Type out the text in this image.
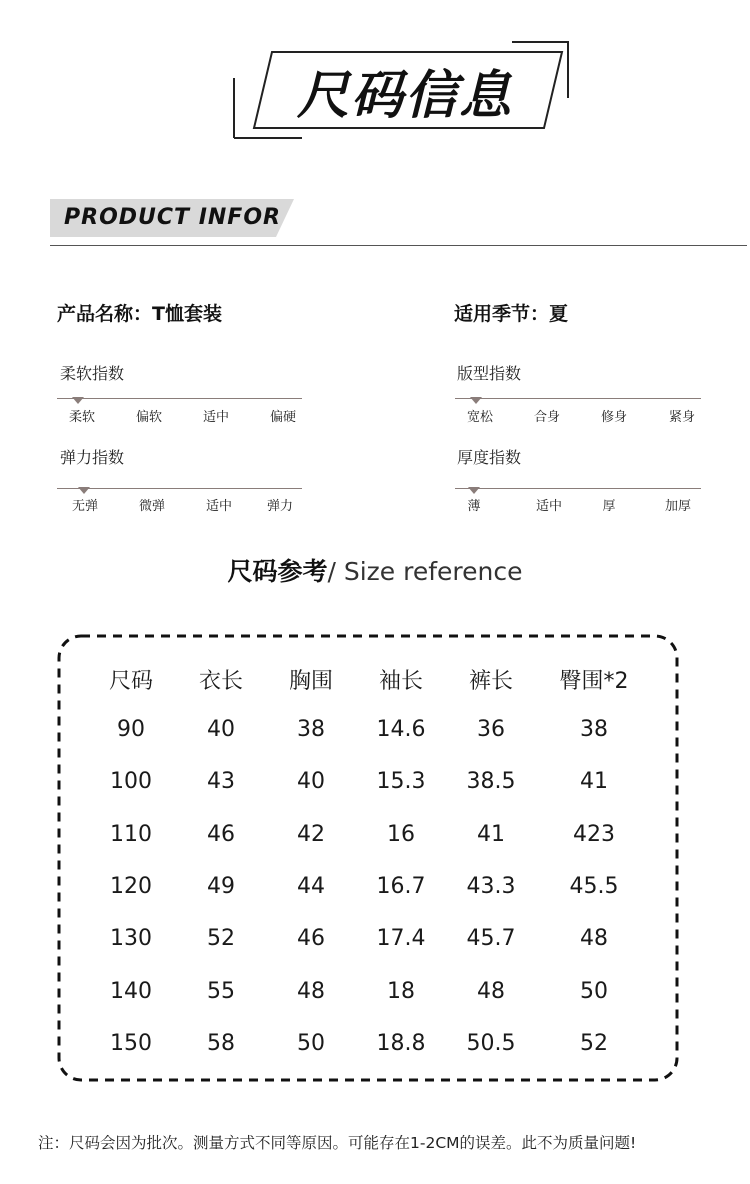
尺码信息
PRODUCT INFOR
产品名称：T恤套装	适用季节：夏
柔软指数
柔软	偏软	适中	偏硬
版型指数
宽松	合身	修身	紧身
弹力指数
无弹	微弹	适中	弹力
厚度指数
薄	适中	厚	加厚
尺码参考/ Size reference
尺码	衣长	胸围	袖长	裤长	臀围*2
90	40	38	14.6	36	38
100	43	40	15.3	38.5	41
110	46	42	16	41	423
120	49	44	16.7	43.3	45.5
130	52	46	17.4	45.7	48
140	55	48	18	48	50
150	58	50	18.8	50.5	52
注：尺码会因为批次。测量方式不同等原因。可能存在1-2CM的误差。此不为质量问题!
